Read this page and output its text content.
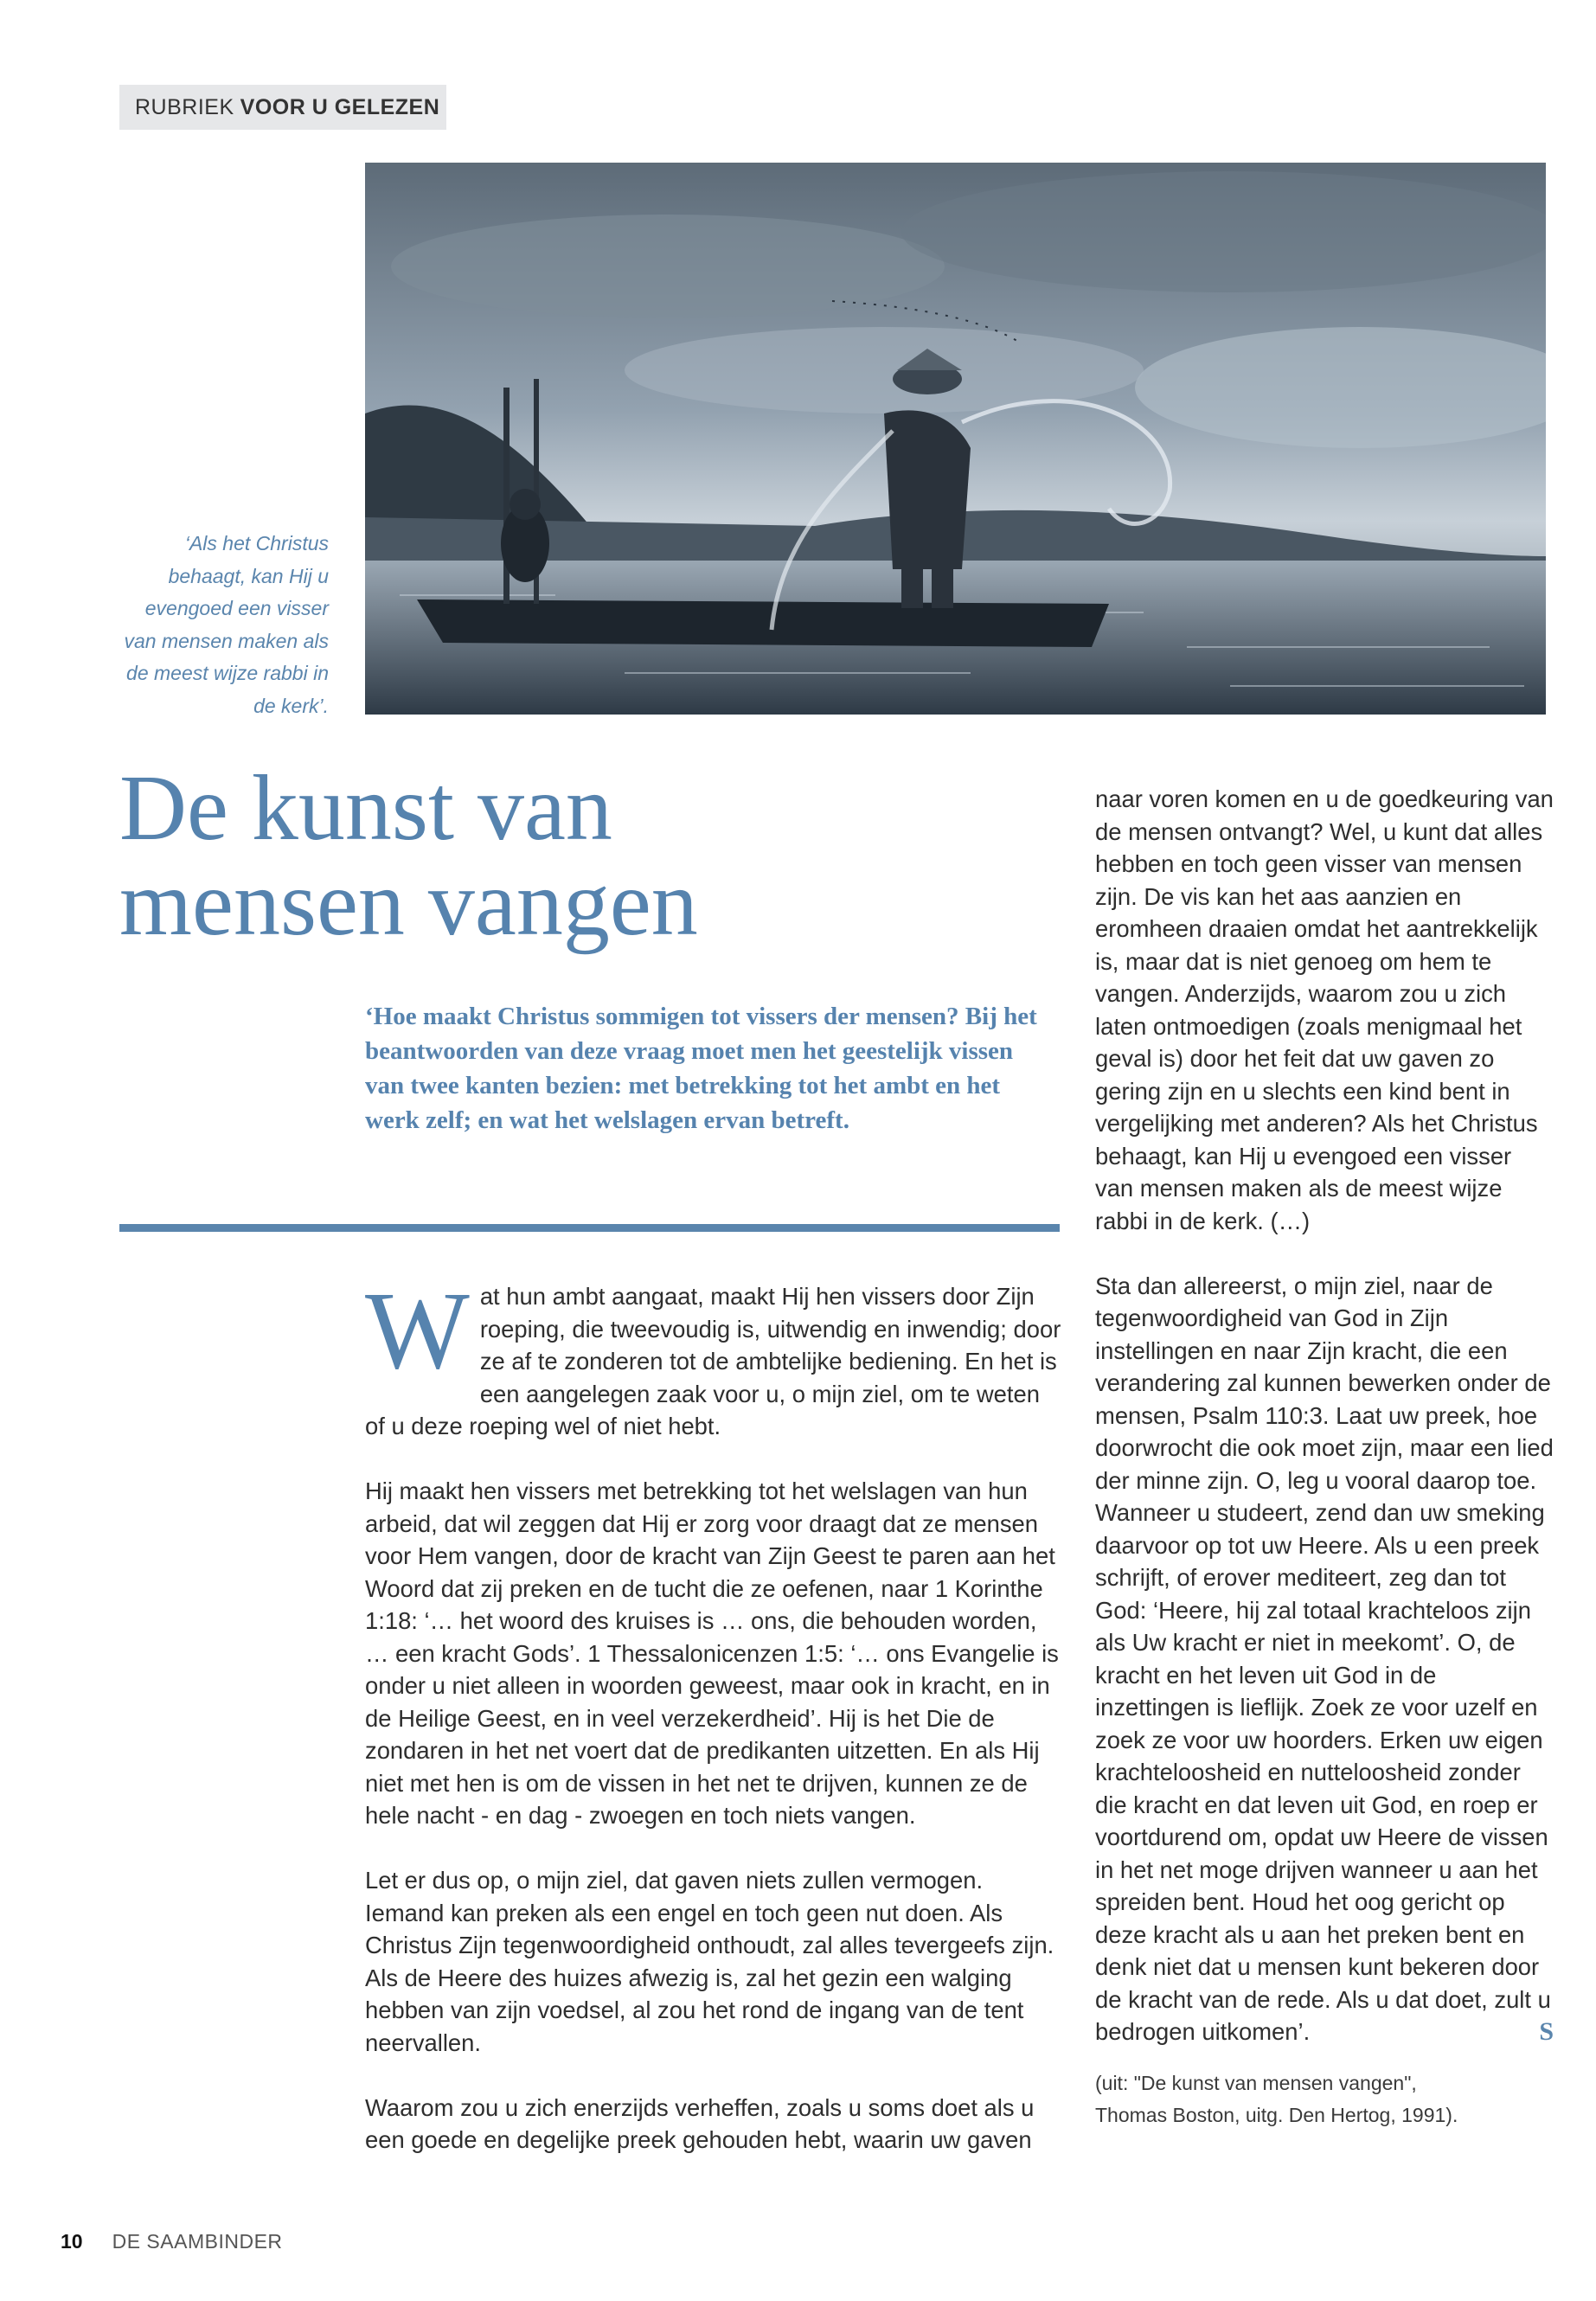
RUBRIEK VOOR U GELEZEN
‘Als het Christus behaagt, kan Hij u evengoed een visser van mensen maken als de meest wijze rabbi in de kerk’.
De kunst van
mensen vangen
‘Hoe maakt Christus sommigen tot vissers der mensen? Bij het beantwoorden van deze vraag moet men het geestelijk vissen van twee kanten bezien: met betrekking tot het ambt en het werk zelf; en wat het welslagen ervan betreft.

Wat hun ambt aangaat, maakt Hij hen vissers door Zijn roeping, die tweevoudig is, uitwendig en inwendig; door ze af te zonderen tot de ambtelijke bediening. En het is een aangelegen zaak voor u, o mijn ziel, om te weten of u deze roeping wel of niet hebt.

Hij maakt hen vissers met betrekking tot het welslagen van hun arbeid, dat wil zeggen dat Hij er zorg voor draagt dat ze mensen voor Hem vangen, door de kracht van Zijn Geest te paren aan het Woord dat zij preken en de tucht die ze oefenen, naar 1 Korinthe 1:18: ‘… het woord des kruises is … ons, die behouden worden, … een kracht Gods’. 1 Thessalonicenzen 1:5: ‘… ons Evangelie is onder u niet alleen in woorden geweest, maar ook in kracht, en in de Heilige Geest, en in veel verzekerdheid’. Hij is het Die de zondaren in het net voert dat de predikanten uitzetten. En als Hij niet met hen is om de vissen in het net te drijven, kunnen ze de hele nacht - en dag - zwoegen en toch niets vangen.

Let er dus op, o mijn ziel, dat gaven niets zullen vermogen. Iemand kan preken als een engel en toch geen nut doen. Als Christus Zijn tegenwoordigheid onthoudt, zal alles tevergeefs zijn. Als de Heere des huizes afwezig is, zal het gezin een walging hebben van zijn voedsel, al zou het rond de ingang van de tent neervallen.

Waarom zou u zich enerzijds verheffen, zoals u soms doet als u een goede en degelijke preek gehouden hebt, waarin uw gaven

naar voren komen en u de goedkeuring van de mensen ontvangt? Wel, u kunt dat alles hebben en toch geen visser van mensen zijn. De vis kan het aas aanzien en eromheen draaien omdat het aantrekkelijk is, maar dat is niet genoeg om hem te vangen. Anderzijds, waarom zou u zich laten ontmoedigen (zoals menigmaal het geval is) door het feit dat uw gaven zo gering zijn en u slechts een kind bent in vergelijking met anderen? Als het Christus behaagt, kan Hij u evengoed een visser van mensen maken als de meest wijze rabbi in de kerk. (…)

Sta dan allereerst, o mijn ziel, naar de tegenwoordigheid van God in Zijn instellingen en naar Zijn kracht, die een verandering zal kunnen bewerken onder de mensen, Psalm 110:3. Laat uw preek, hoe doorwrocht die ook moet zijn, maar een lied der minne zijn. O, leg u vooral daarop toe. Wanneer u studeert, zend dan uw smeking daarvoor op tot uw Heere. Als u een preek schrijft, of erover mediteert, zeg dan tot God: ‘Heere, hij zal totaal krachteloos zijn als Uw kracht er niet in meekomt’. O, de kracht en het leven uit God in de inzettingen is lieflijk. Zoek ze voor uzelf en zoek ze voor uw hoorders. Erken uw eigen krachteloosheid en nutteloosheid zonder die kracht en dat leven uit God, en roep er voortdurend om, opdat uw Heere de vissen in het net moge drijven wanneer u aan het spreiden bent. Houd het oog gericht op deze kracht als u aan het preken bent en denk niet dat u mensen kunt bekeren door de kracht van de rede. Als u dat doet, zult u bedrogen uitkomen’.	S

(uit: "De kunst van mensen vangen",
Thomas Boston, uitg. Den Hertog, 1991).
10 DE SAAMBINDER
